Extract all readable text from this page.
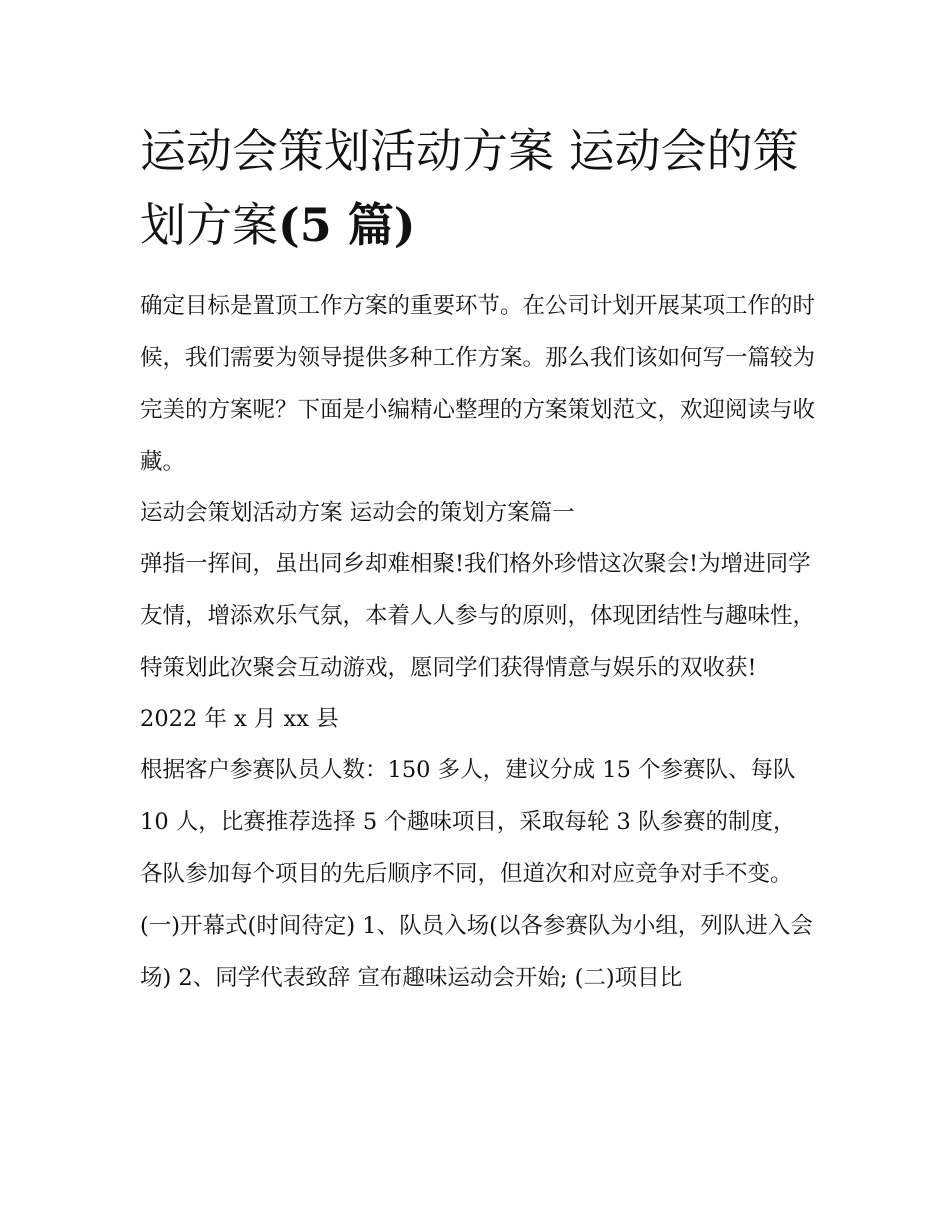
运动会策划活动方案 运动会的策划方案(5 篇)

确定目标是置顶工作方案的重要环节。在公司计划开展某项工作的时候，我们需要为领导提供多种工作方案。那么我们该如何写一篇较为完美的方案呢？下面是小编精心整理的方案策划范文，欢迎阅读与收藏。

运动会策划活动方案 运动会的策划方案篇一

弹指一挥间，虽出同乡却难相聚!我们格外珍惜这次聚会!为增进同学友情，增添欢乐气氛，本着人人参与的原则，体现团结性与趣味性，特策划此次聚会互动游戏，愿同学们获得情意与娱乐的双收获!

2022 年 x 月 xx 县

根据客户参赛队员人数：150 多人，建议分成 15 个参赛队、每队 10 人，比赛推荐选择 5 个趣味项目，采取每轮 3 队参赛的制度，各队参加每个项目的先后顺序不同，但道次和对应竞争对手不变。

(一)开幕式(时间待定) 1、队员入场(以各参赛队为小组，列队进入会场) 2、同学代表致辞 宣布趣味运动会开始; (二)项目比
